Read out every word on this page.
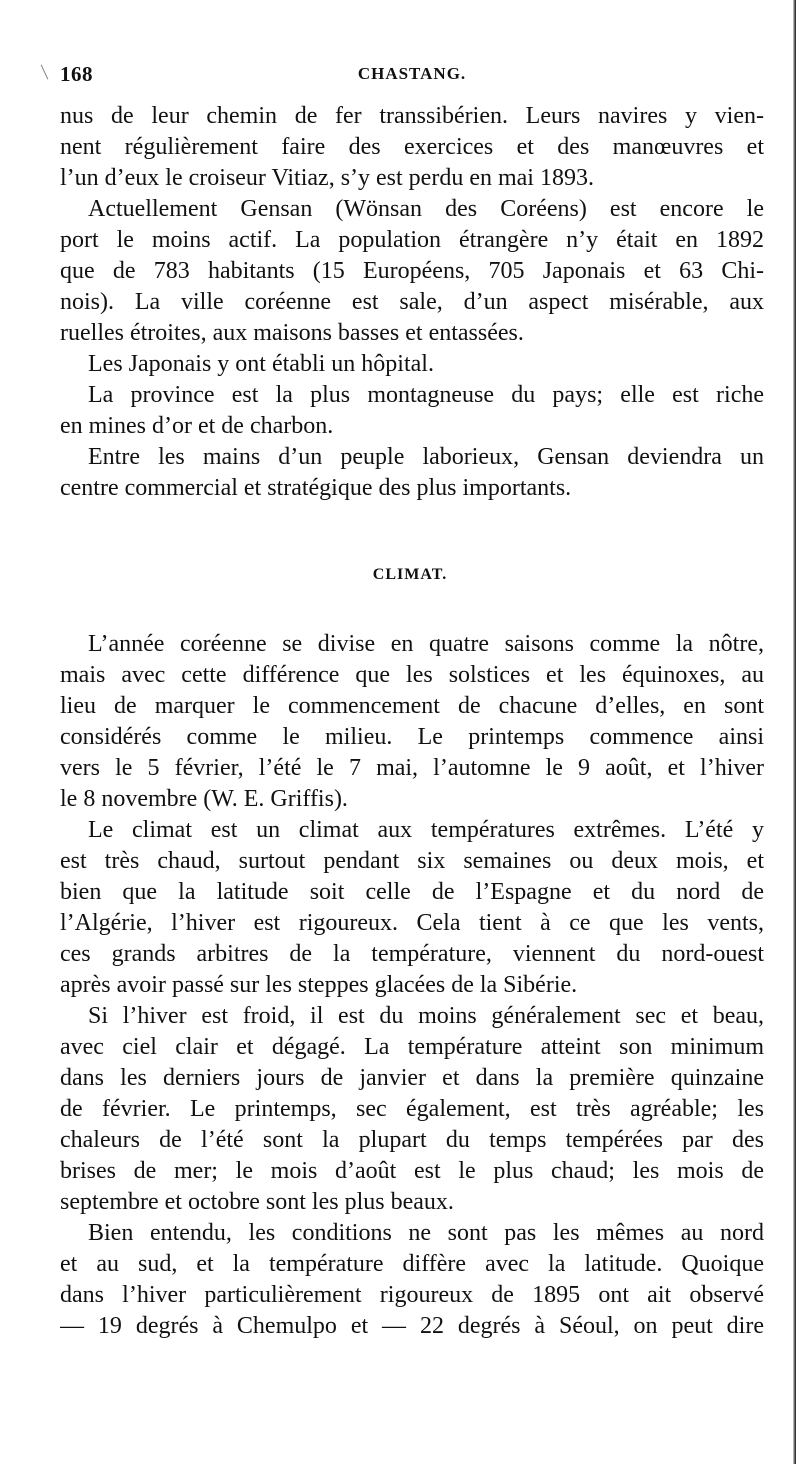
168	CHASTANG.
nus de leur chemin de fer transsibérien. Leurs navires y vien-
nent régulièrement faire des exercices et des manœuvres et
l’un d’eux le croiseur Vitiaz, s’y est perdu en mai 1893.
Actuellement Gensan (Wönsan des Coréens) est encore le
port le moins actif. La population étrangère n’y était en 1892
que de 783 habitants (15 Européens, 705 Japonais et 63 Chi-
nois). La ville coréenne est sale, d’un aspect misérable, aux
ruelles étroites, aux maisons basses et entassées.
Les Japonais y ont établi un hôpital.
La province est la plus montagneuse du pays; elle est riche
en mines d’or et de charbon.
Entre les mains d’un peuple laborieux, Gensan deviendra un
centre commercial et stratégique des plus importants.
CLIMAT.
L’année coréenne se divise en quatre saisons comme la nôtre,
mais avec cette différence que les solstices et les équinoxes, au
lieu de marquer le commencement de chacune d’elles, en sont
considérés comme le milieu. Le printemps commence ainsi
vers le 5 février, l’été le 7 mai, l’automne le 9 août, et l’hiver
le 8 novembre (W. E. Griffis).
Le climat est un climat aux températures extrêmes. L’été y
est très chaud, surtout pendant six semaines ou deux mois, et
bien que la latitude soit celle de l’Espagne et du nord de
l’Algérie, l’hiver est rigoureux. Cela tient à ce que les vents,
ces grands arbitres de la température, viennent du nord-ouest
après avoir passé sur les steppes glacées de la Sibérie.
Si l’hiver est froid, il est du moins généralement sec et beau,
avec ciel clair et dégagé. La température atteint son minimum
dans les derniers jours de janvier et dans la première quinzaine
de février. Le printemps, sec également, est très agréable; les
chaleurs de l’été sont la plupart du temps tempérées par des
brises de mer; le mois d’août est le plus chaud; les mois de
septembre et octobre sont les plus beaux.
Bien entendu, les conditions ne sont pas les mêmes au nord
et au sud, et la température diffère avec la latitude. Quoique
dans l’hiver particulièrement rigoureux de 1895 ont ait observé
— 19 degrés à Chemulpo et — 22 degrés à Séoul, on peut dire
